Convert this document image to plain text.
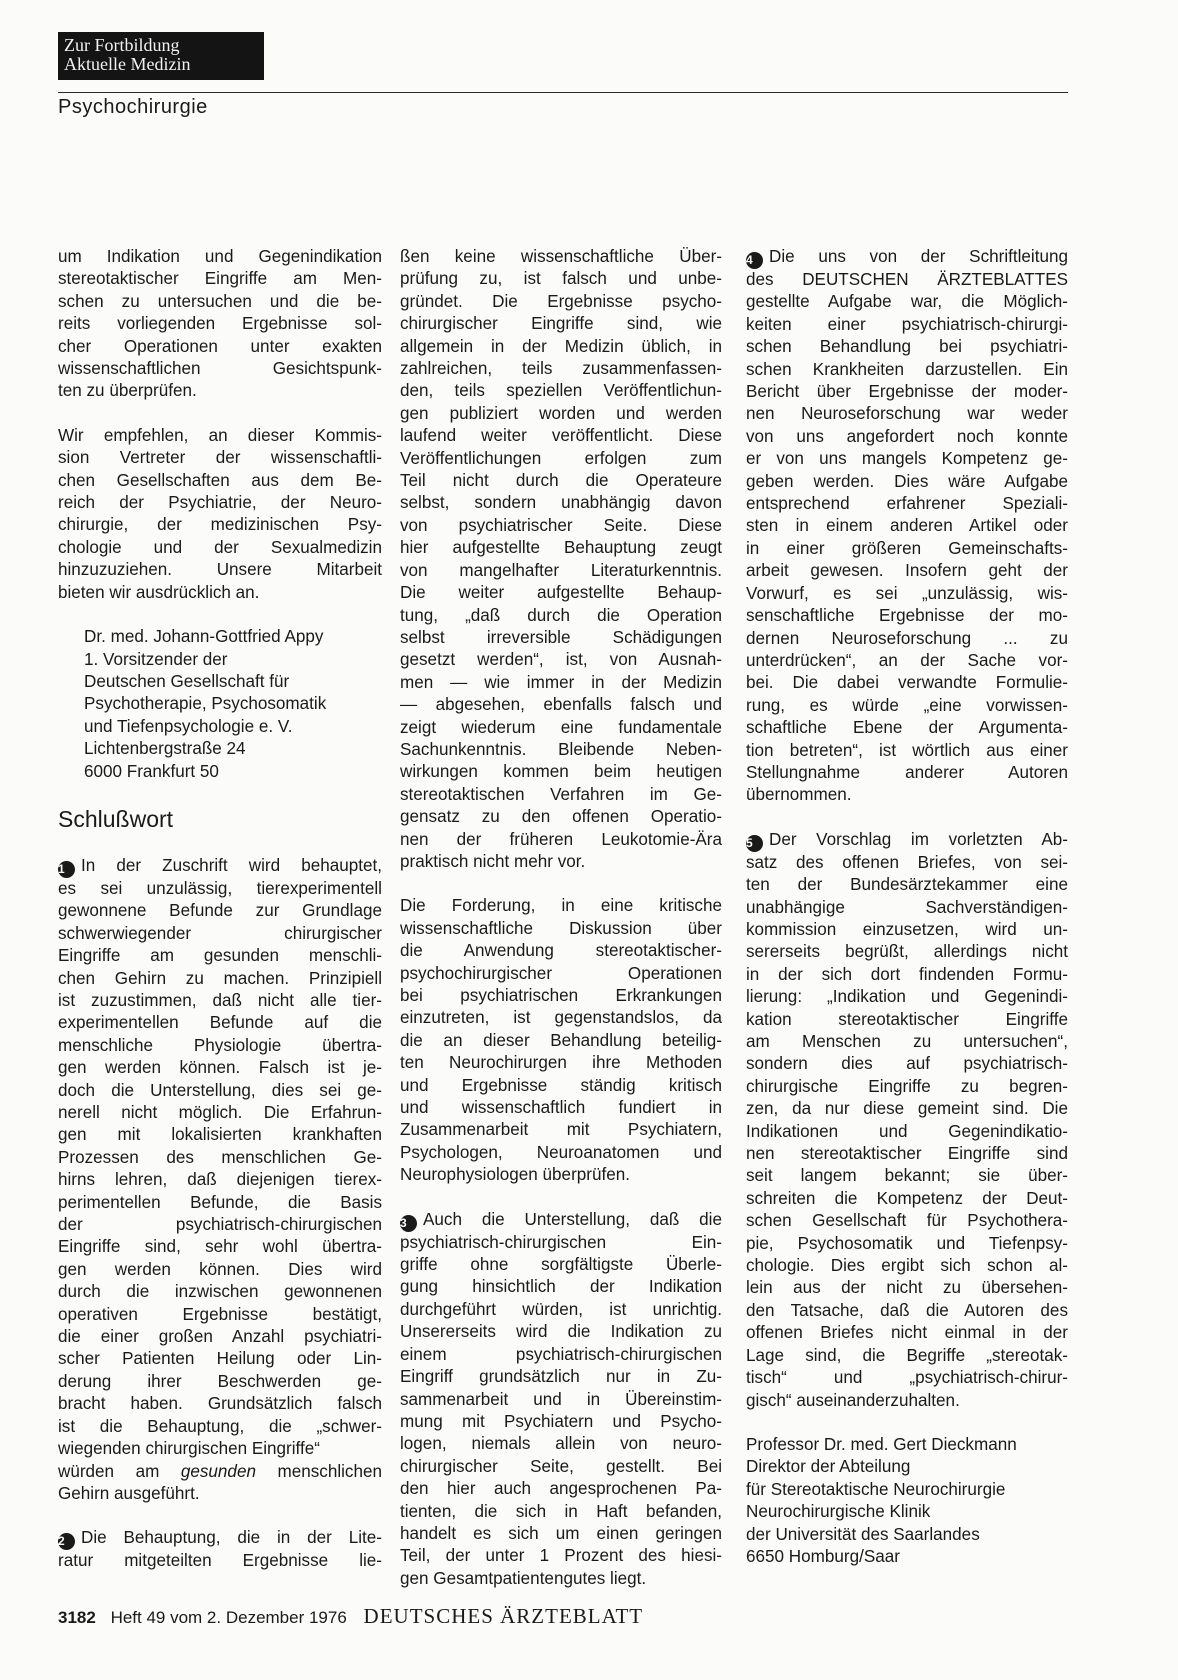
Zur Fortbildung
Aktuelle Medizin
Psychochirurgie
um Indikation und Gegenindikation
stereotaktischer Eingriffe am Men-
schen zu untersuchen und die be-
reits vorliegenden Ergebnisse sol-
cher Operationen unter exakten
wissenschaftlichen Gesichtspunk-
ten zu überprüfen.
Wir empfehlen, an dieser Kommis-
sion Vertreter der wissenschaftli-
chen Gesellschaften aus dem Be-
reich der Psychiatrie, der Neuro-
chirurgie, der medizinischen Psy-
chologie und der Sexualmedizin
hinzuzuziehen. Unsere Mitarbeit
bieten wir ausdrücklich an.
Dr. med. Johann-Gottfried Appy
1. Vorsitzender der
Deutschen Gesellschaft für
Psychotherapie, Psychosomatik
und Tiefenpsychologie e. V.
Lichtenbergstraße 24
6000 Frankfurt 50
Schlußwort
1 In der Zuschrift wird behauptet,
es sei unzulässig, tierexperimentell
gewonnene Befunde zur Grundlage
schwerwiegender chirurgischer
Eingriffe am gesunden menschli-
chen Gehirn zu machen. Prinzipiell
ist zuzustimmen, daß nicht alle tier-
experimentellen Befunde auf die
menschliche Physiologie übertra-
gen werden können. Falsch ist je-
doch die Unterstellung, dies sei ge-
nerell nicht möglich. Die Erfahrun-
gen mit lokalisierten krankhaften
Prozessen des menschlichen Ge-
hirns lehren, daß diejenigen tierex-
perimentellen Befunde, die Basis
der psychiatrisch-chirurgischen
Eingriffe sind, sehr wohl übertra-
gen werden können. Dies wird
durch die inzwischen gewonnenen
operativen Ergebnisse bestätigt,
die einer großen Anzahl psychiatri-
scher Patienten Heilung oder Lin-
derung ihrer Beschwerden ge-
bracht haben. Grundsätzlich falsch
ist die Behauptung, die „schwer-
wiegenden chirurgischen Eingriffe“
würden am gesunden menschlichen
Gehirn ausgeführt.
2 Die Behauptung, die in der Lite-
ratur mitgeteilten Ergebnisse lie-
ßen keine wissenschaftliche Über-
prüfung zu, ist falsch und unbe-
gründet. Die Ergebnisse psycho-
chirurgischer Eingriffe sind, wie
allgemein in der Medizin üblich, in
zahlreichen, teils zusammenfassen-
den, teils speziellen Veröffentlichun-
gen publiziert worden und werden
laufend weiter veröffentlicht. Diese
Veröffentlichungen erfolgen zum
Teil nicht durch die Operateure
selbst, sondern unabhängig davon
von psychiatrischer Seite. Diese
hier aufgestellte Behauptung zeugt
von mangelhafter Literaturkenntnis.
Die weiter aufgestellte Behaup-
tung, „daß durch die Operation
selbst irreversible Schädigungen
gesetzt werden“, ist, von Ausnah-
men — wie immer in der Medizin
— abgesehen, ebenfalls falsch und
zeigt wiederum eine fundamentale
Sachunkenntnis. Bleibende Neben-
wirkungen kommen beim heutigen
stereotaktischen Verfahren im Ge-
gensatz zu den offenen Operatio-
nen der früheren Leukotomie-Ära
praktisch nicht mehr vor.
Die Forderung, in eine kritische
wissenschaftliche Diskussion über
die Anwendung stereotaktischer-
psychochirurgischer Operationen
bei psychiatrischen Erkrankungen
einzutreten, ist gegenstandslos, da
die an dieser Behandlung beteilig-
ten Neurochirurgen ihre Methoden
und Ergebnisse ständig kritisch
und wissenschaftlich fundiert in
Zusammenarbeit mit Psychiatern,
Psychologen, Neuroanatomen und
Neurophysiologen überprüfen.
3 Auch die Unterstellung, daß die
psychiatrisch-chirurgischen Ein-
griffe ohne sorgfältigste Überle-
gung hinsichtlich der Indikation
durchgeführt würden, ist unrichtig.
Unsererseits wird die Indikation zu
einem psychiatrisch-chirurgischen
Eingriff grundsätzlich nur in Zu-
sammenarbeit und in Übereinstim-
mung mit Psychiatern und Psycho-
logen, niemals allein von neuro-
chirurgischer Seite, gestellt. Bei
den hier auch angesprochenen Pa-
tienten, die sich in Haft befanden,
handelt es sich um einen geringen
Teil, der unter 1 Prozent des hiesi-
gen Gesamtpatientengutes liegt.
4 Die uns von der Schriftleitung
des DEUTSCHEN ÄRZTEBLATTES
gestellte Aufgabe war, die Möglich-
keiten einer psychiatrisch-chirurgi-
schen Behandlung bei psychiatri-
schen Krankheiten darzustellen. Ein
Bericht über Ergebnisse der moder-
nen Neuroseforschung war weder
von uns angefordert noch konnte
er von uns mangels Kompetenz ge-
geben werden. Dies wäre Aufgabe
entsprechend erfahrener Speziali-
sten in einem anderen Artikel oder
in einer größeren Gemeinschafts-
arbeit gewesen. Insofern geht der
Vorwurf, es sei „unzulässig, wis-
senschaftliche Ergebnisse der mo-
dernen Neuroseforschung ... zu
unterdrücken“, an der Sache vor-
bei. Die dabei verwandte Formulie-
rung, es würde „eine vorwissen-
schaftliche Ebene der Argumenta-
tion betreten“, ist wörtlich aus einer
Stellungnahme anderer Autoren
übernommen.
5 Der Vorschlag im vorletzten Ab-
satz des offenen Briefes, von sei-
ten der Bundesärztekammer eine
unabhängige Sachverständigen-
kommission einzusetzen, wird un-
sererseits begrüßt, allerdings nicht
in der sich dort findenden Formu-
lierung: „Indikation und Gegenindi-
kation stereotaktischer Eingriffe
am Menschen zu untersuchen“,
sondern dies auf psychiatrisch-
chirurgische Eingriffe zu begren-
zen, da nur diese gemeint sind. Die
Indikationen und Gegenindikatio-
nen stereotaktischer Eingriffe sind
seit langem bekannt; sie über-
schreiten die Kompetenz der Deut-
schen Gesellschaft für Psychothera-
pie, Psychosomatik und Tiefenpsy-
chologie. Dies ergibt sich schon al-
lein aus der nicht zu übersehen-
den Tatsache, daß die Autoren des
offenen Briefes nicht einmal in der
Lage sind, die Begriffe „stereotak-
tisch“ und „psychiatrisch-chirur-
gisch“ auseinanderzuhalten.
Professor Dr. med. Gert Dieckmann
Direktor der Abteilung
für Stereotaktische Neurochirurgie
Neurochirurgische Klinik
der Universität des Saarlandes
6650 Homburg/Saar
3182 Heft 49 vom 2. Dezember 1976 DEUTSCHES ÄRZTEBLATT
